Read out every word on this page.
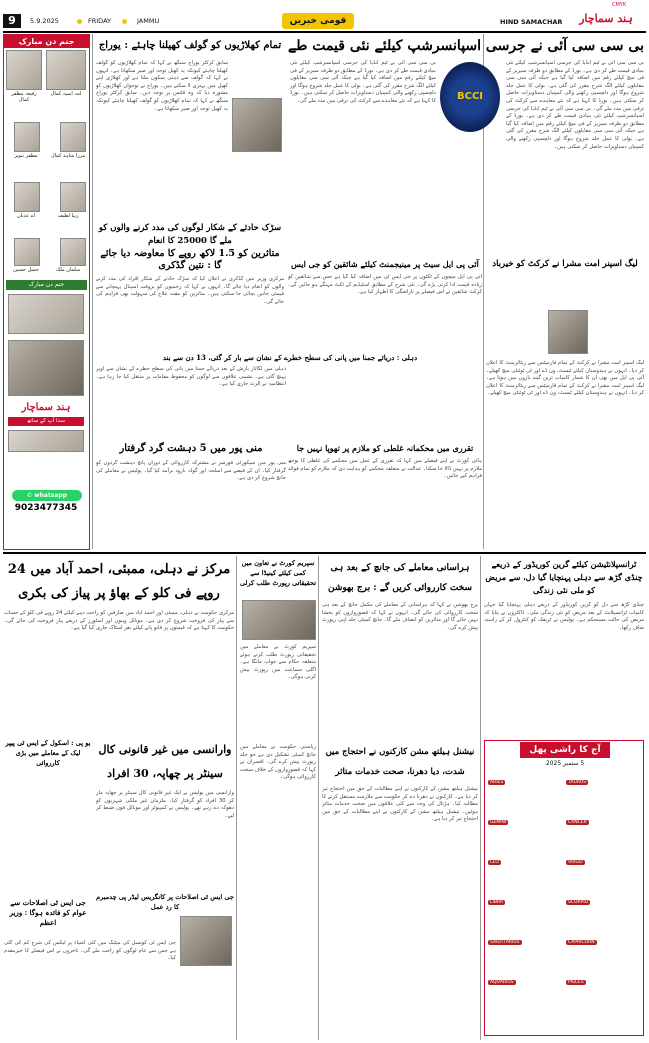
9	5.9.2025	FRIDAY	JAMMU	قومی خبریں	HIND SAMACHAR	ہند سماچار
CMYK
جنم دن مبارک
امہ آسیہ کمال
رفیعہ مظفر کمال
مرزا شاہد کمال
مظفر تنویر
زیبا لطیف
اے عدنان
سلمان ملک
جمیل حسین
جنم دن مبارک
ہند سماچار
سدا آپ کے ساتھ
✆ whatsapp
9023477345
بی سی سی آئی نے جرسی اسپانسرشپ کیلئے نئی قیمت طے
BCCI
بی سی سی آئی نے ٹیم انڈیا کی جرسی اسپانسرشپ کیلئے نئی بنیادی قیمت طے کر دی ہے۔ بورڈ کے مطابق دو طرفہ سیریز کے فی میچ کیلئے رقم میں اضافہ کیا گیا ہے جبکہ آئی سی سی مقابلوں کیلئے الگ شرح مقرر کی گئی ہے۔ بولی کا عمل جلد شروع ہوگا اور دلچسپی رکھنے والی کمپنیاں دستاویزات حاصل کر سکتی ہیں۔ بورڈ کا کہنا ہے کہ نئے معاہدے سے کرکٹ کی ترقی میں مدد ملے گی۔ بی سی سی آئی نے ٹیم انڈیا کی جرسی اسپانسرشپ کیلئے نئی بنیادی قیمت طے کر دی ہے۔ بورڈ کے مطابق دو طرفہ سیریز کے فی میچ کیلئے رقم میں اضافہ کیا گیا ہے جبکہ آئی سی سی مقابلوں کیلئے الگ شرح مقرر کی گئی ہے۔ بولی کا عمل جلد شروع ہوگا اور دلچسپی رکھنے والی کمپنیاں دستاویزات حاصل کر سکتی ہیں۔
بی سی سی آئی نے ٹیم انڈیا کی جرسی اسپانسرشپ کیلئے نئی بنیادی قیمت طے کر دی ہے۔ بورڈ کے مطابق دو طرفہ سیریز کے فی میچ کیلئے رقم میں اضافہ کیا گیا ہے جبکہ آئی سی سی مقابلوں کیلئے الگ شرح مقرر کی گئی ہے۔ بولی کا عمل جلد شروع ہوگا اور دلچسپی رکھنے والی کمپنیاں دستاویزات حاصل کر سکتی ہیں۔ بورڈ کا کہنا ہے کہ نئے معاہدے سے کرکٹ کی ترقی میں مدد ملے گی۔
تمام کھلاڑیوں کو گولف کھیلنا چاہئے : یوراج
سابق کرکٹر یوراج سنگھ نے کہا کہ تمام کھلاڑیوں کو گولف کھیلنا چاہئے کیونکہ یہ کھیل توجہ اور صبر سکھاتا ہے۔ انہوں نے کہا کہ گولف سے ذہنی سکون ملتا ہے اور کھلاڑی اپنے کھیل میں بہتری لا سکتے ہیں۔ یوراج نے نوجوان کھلاڑیوں کو مشورہ دیا کہ وہ فٹنس پر توجہ دیں۔ سابق کرکٹر یوراج سنگھ نے کہا کہ تمام کھلاڑیوں کو گولف کھیلنا چاہئے کیونکہ یہ کھیل توجہ اور صبر سکھاتا ہے۔
سڑک حادثے کے شکار لوگوں کی مدد کرنے والوں کو ملے گا 25000 کا انعام
متاثرین کو 1.5 لاکھ روپے کا معاوضہ دیا جائے گا : نتین گڈکری
مرکزی وزیر نتین گڈکری نے اعلان کیا کہ سڑک حادثے کے شکار افراد کی مدد کرنے والوں کو انعام دیا جائے گا۔ انہوں نے کہا کہ زخمیوں کو بروقت اسپتال پہنچانے سے قیمتی جانیں بچائی جا سکتی ہیں۔ متاثرین کو مفت علاج کی سہولت بھی فراہم کی جائے گی۔
آئی پی ایل سیٹ پر مینیجمنٹ کیلئے شائقین کو جی ایس
آئی پی ایل میچوں کے ٹکٹوں پر جی ایس ٹی میں اضافہ کیا گیا ہے جس سے شائقین کو زیادہ قیمت ادا کرنی پڑے گی۔ نئی شرح کے مطابق اسٹیڈیم کے ٹکٹ مہنگے ہو جائیں گے۔ کرکٹ شائقین نے اس فیصلے پر ناراضگی کا اظہار کیا ہے۔
لیگ اسپنر امت مشرا نے کرکٹ کو خیرباد
دہلی : دریائے جمنا میں پانی کی سطح خطرے کے نشان سے بار کر گئی، 13 دن سے بند
دہلی میں لگاتار بارش کے بعد دریائے جمنا میں پانی کی سطح خطرے کے نشان سے اوپر پہنچ گئی ہے۔ نشیبی علاقوں سے لوگوں کو محفوظ مقامات پر منتقل کیا جا رہا ہے۔ انتظامیہ نے الرٹ جاری کیا ہے۔
منی پور میں 5 دہشت گرد گرفتار	تقرری میں محکمانہ غلطی کو ملازم پر تھوپا نہیں جا
ہائی کورٹ نے اپنے فیصلے میں کہا کہ تقرری کے عمل میں محکمے کی غلطی کا بوجھ ملازم پر نہیں ڈالا جا سکتا۔ عدالت نے متعلقہ محکمے کو ہدایت دی کہ ملازم کو تمام فوائد فراہم کیے جائیں۔
منی پور میں سیکورٹی فورسز نے مشترکہ کارروائی کے دوران پانچ دہشت گردوں کو گرفتار کیا۔ ان کے قبضے سے اسلحہ اور گولہ بارود برآمد کیا گیا۔ پولیس نے معاملے کی جانچ شروع کر دی ہے۔
لیگ اسپنر امت مشرا نے کرکٹ کے تمام فارمیٹس سے ریٹائرمنٹ کا اعلان کر دیا۔ انہوں نے ہندوستان کیلئے ٹیسٹ، ون ڈے اور ٹی ٹوئنٹی میچ کھیلے۔ آئی پی ایل میں بھی ان کا شمار کامیاب ترین گیند بازوں میں ہوتا ہے۔ لیگ اسپنر امت مشرا نے کرکٹ کے تمام فارمیٹس سے ریٹائرمنٹ کا اعلان کر دیا۔ انہوں نے ہندوستان کیلئے ٹیسٹ، ون ڈے اور ٹی ٹوئنٹی میچ کھیلے۔
مرکز نے دہلی، ممبئی، احمد آباد میں 24 روپے فی کلو کے بھاؤ پر پیاز کی بکری
مرکزی حکومت نے دہلی، ممبئی اور احمد آباد میں صارفین کو راحت دینے کیلئے 24 روپے فی کلو کے حساب سے پیاز کی فروخت شروع کر دی ہے۔ موبائل وینوں اور اسٹورز کے ذریعے پیاز فروخت کی جائے گی۔ حکومت کا کہنا ہے کہ قیمتوں پر قابو پانے کیلئے بفر اسٹاک جاری کیا گیا ہے۔
سپریم کورٹ نے تعاون میں کمی کیلئے کینیڈا سے تحقیقاتی رپورٹ طلب کرلی
سپریم کورٹ نے معاملے میں تحقیقاتی رپورٹ طلب کرتے ہوئے متعلقہ حکام سے جواب مانگا ہے۔ اگلی سماعت میں رپورٹ پیش کرنی ہوگی۔
ہراسانی معاملے کی جانچ کے بعد ہی سخت کارروائی کریں گے : برج بھوشن
برج بھوشن نے کہا کہ ہراسانی کے معاملے کی مکمل جانچ کے بعد ہی سخت کارروائی کی جائے گی۔ انہوں نے کہا کہ قصورواروں کو بخشا نہیں جائے گا اور متاثرین کو انصاف ملے گا۔ جانچ کمیٹی جلد اپنی رپورٹ پیش کرے گی۔
ٹرانسپلانٹیشن کیلئے گرین کوریڈور کے ذریعے چنڈی گڑھ سے دہلی پہنچایا گیا دل، سے مریض کو ملی نئی زندگی
چنڈی گڑھ سے دل کو گرین کوریڈور کے ذریعے دہلی پہنچایا گیا جہاں کامیاب ٹرانسپلانٹ کے بعد مریض کو نئی زندگی ملی۔ ڈاکٹروں نے بتایا کہ مریض کی حالت مستحکم ہے۔ پولیس نے ٹریفک کو کنٹرول کر کے راستہ صاف رکھا۔
آج کا راشی پھل
5 ستمبر 2025
ARIES	TAURUS
GEMINI	CANCER
LEO	VIRGO
LIBRA	SCORPIO
SAGITTARIUS	CAPRICORN
AQUARIUS	PISCES
وارانسی میں غیر قانونی کال سینٹر پر چھاپہ، 30 افراد
وارانسی میں پولیس نے ایک غیر قانونی کال سینٹر پر چھاپہ مار کر 30 افراد کو گرفتار کیا۔ ملزمان غیر ملکی شہریوں کو دھوکہ دے رہے تھے۔ پولیس نے کمپیوٹر اور موبائل فون ضبط کر لیے۔
جی ایس ٹی اصلاحات پر کانگریس لیڈر پی چدمبرم کا رد عمل
یو پی : اسکول کے ایس ٹی پیپر لیک کے معاملے میں بڑی کارروائی
جی ایس ٹی اصلاحات سے عوام کو فائدہ ہوگا : وزیر اعظم
نیشنل ہیلتھ مشن کارکنوں نے احتجاج میں شدت، دیا دھرنا، صحت خدمات متاثر
نیشنل ہیلتھ مشن کے کارکنوں نے اپنے مطالبات کے حق میں احتجاج تیز کر دیا ہے۔ کارکنوں نے دھرنا دے کر حکومت سے ملازمت مستقل کرنے کا مطالبہ کیا۔ ہڑتال کی وجہ سے کئی علاقوں میں صحت خدمات متاثر ہوئیں۔ نیشنل ہیلتھ مشن کے کارکنوں نے اپنے مطالبات کے حق میں احتجاج تیز کر دیا ہے۔
ریاستی حکومت نے معاملے میں جانچ کمیٹی تشکیل دی ہے جو جلد رپورٹ پیش کرے گی۔ افسران نے کہا کہ قصورواروں کے خلاف سخت کارروائی ہوگی۔
جی ایس ٹی کونسل کی میٹنگ میں کئی اشیاء پر ٹیکس کی شرح کم کی گئی ہے جس سے عام لوگوں کو راحت ملے گی۔ تاجروں نے اس فیصلے کا خیرمقدم کیا۔
